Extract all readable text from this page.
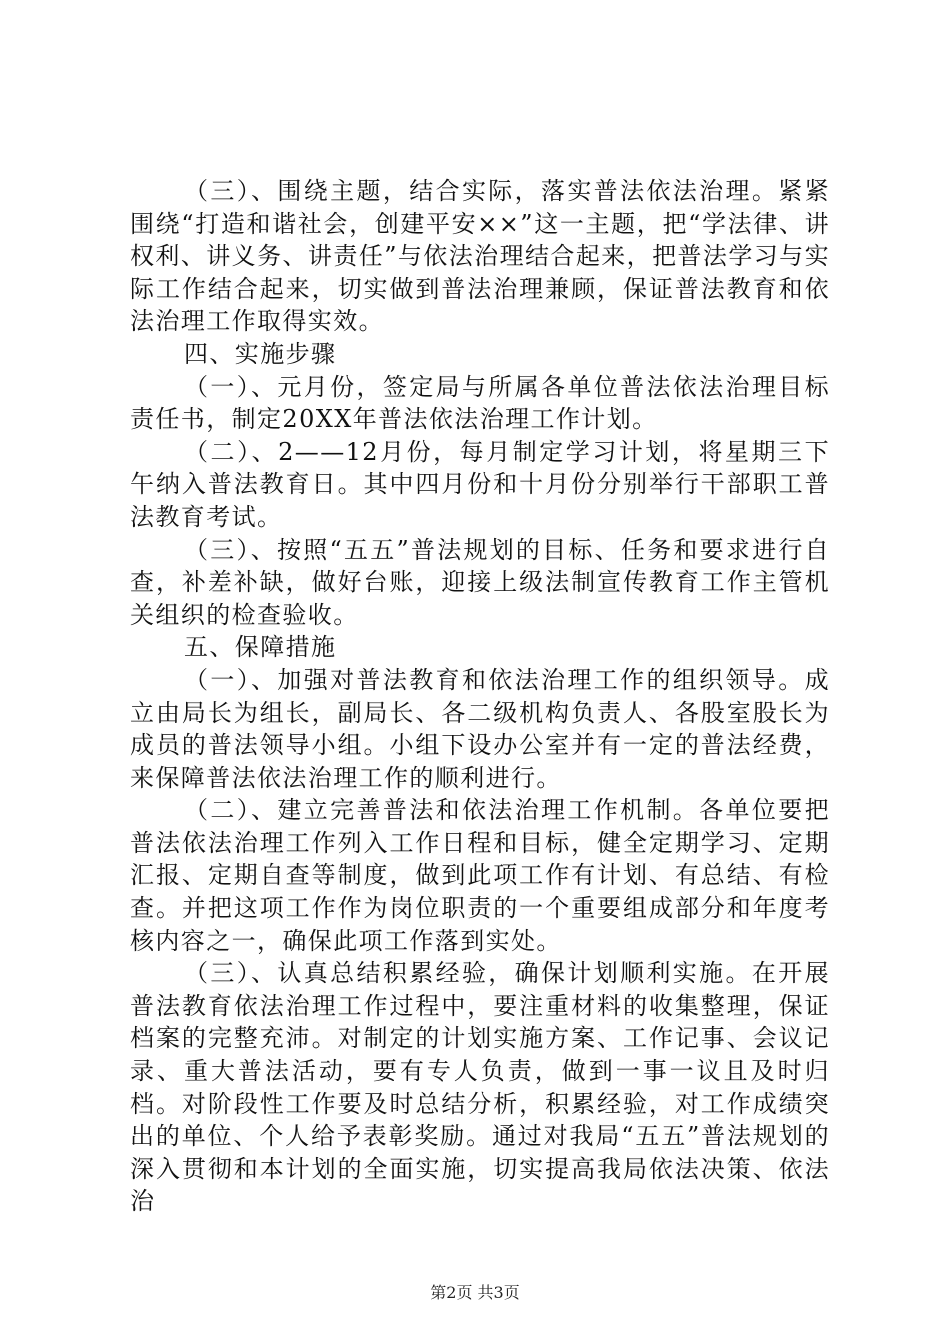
（三）、围绕主题，结合实际，落实普法依法治理。紧紧围绕“打造和谐社会，创建平安××”这一主题，把“学法律、讲权利、讲义务、讲责任”与依法治理结合起来，把普法学习与实际工作结合起来，切实做到普法治理兼顾，保证普法教育和依法治理工作取得实效。

四、实施步骤

（一）、元月份，签定局与所属各单位普法依法治理目标责任书，制定20XX年普法依法治理工作计划。

（二）、2——12月份，每月制定学习计划，将星期三下午纳入普法教育日。其中四月份和十月份分别举行干部职工普法教育考试。

（三）、按照“五五”普法规划的目标、任务和要求进行自查，补差补缺，做好台账，迎接上级法制宣传教育工作主管机关组织的检查验收。

五、保障措施

（一）、加强对普法教育和依法治理工作的组织领导。成立由局长为组长，副局长、各二级机构负责人、各股室股长为成员的普法领导小组。小组下设办公室并有一定的普法经费，来保障普法依法治理工作的顺利进行。

（二）、建立完善普法和依法治理工作机制。各单位要把普法依法治理工作列入工作日程和目标，健全定期学习、定期汇报、定期自查等制度，做到此项工作有计划、有总结、有检查。并把这项工作作为岗位职责的一个重要组成部分和年度考核内容之一，确保此项工作落到实处。

（三）、认真总结积累经验，确保计划顺利实施。在开展普法教育依法治理工作过程中，要注重材料的收集整理，保证档案的完整充沛。对制定的计划实施方案、工作记事、会议记录、重大普法活动，要有专人负责，做到一事一议且及时归档。对阶段性工作要及时总结分析，积累经验，对工作成绩突出的单位、个人给予表彰奖励。通过对我局“五五”普法规划的深入贯彻和本计划的全面实施，切实提高我局依法决策、依法治

第2页 共3页
